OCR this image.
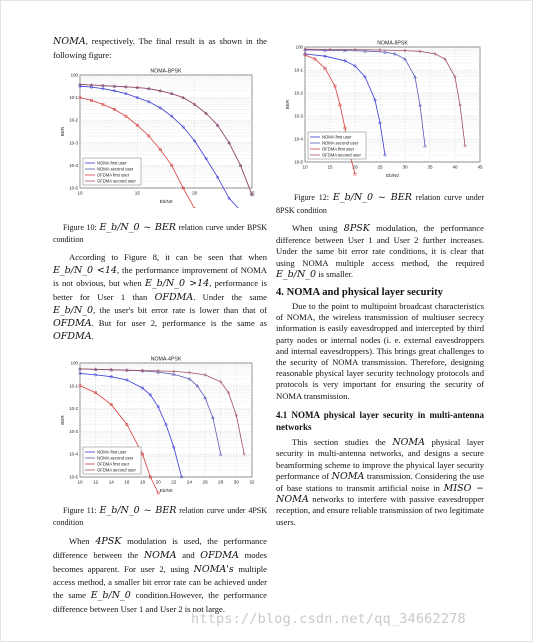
NOMA, respectively. The final result is as shown in the following figure:

10	15	20	25
100
10-1
10-2
10-3
10-4
10-5
NOMA-BPSK
Eb/N0
BER
NOMA first user
NOMA second user
OFDMA first user
OFDMA second user

Figure 10: E_b/N_0 ~ BER relation curve under BPSK condition

According to Figure 8, it can be seen that when E_b/N_0 <14, the performance improvement of NOMA is not obvious, but when E_b/N_0 >14, performance is better for User 1 than OFDMA. Under the same E_b/N_0, the user's bit error rate is lower than that of OFDMA. But for user 2, performance is the same as OFDMA.

10 12 14 16 18 20 22 24 26 28 30 32
100
10-1
10-2
10-3
10-4
10-5
NOMA-4PSK
Eb/N0
BER
NOMA first user
NOMA second user
OFDMA first user
OFDMA second user

Figure 11: E_b/N_0 ~ BER relation curve under 4PSK condition

When 4PSK modulation is used, the performance difference between the NOMA and OFDMA modes becomes apparent. For user 2, using NOMA's multiple access method, a smaller bit error rate can be achieved under the same E_b/N_0 condition.However, the performance difference between User 1 and User 2 is not large.

10	15	20	25	30	35	40	45
100
10-1
10-2
10-3
10-4
10-5
NOMA-8PSK
Eb/N0
BER
NOMA first user
NOMA second user
OFDMA first user
OFDMA second user

Figure 12: E_b/N_0 ~ BER relation curve under 8PSK condition

When using 8PSK modulation, the performance difference between User 1 and User 2 further increases. Under the same bit error rate conditions, it is clear that using NOMA multiple access method, the required E_b/N_0 is smaller.

4. NOMA and physical layer security

Due to the point to multipoint broadcast characteristics of NOMA, the wireless transmission of multiuser secrecy information is easily eavesdropped and intercepted by third party nodes or internal nodes (i. e. external eavesdroppers and internal eavesdroppers). This brings great challenges to the security of NOMA transmission. Therefore, designing reasonable physical layer security technology protocols and protocols is very important for ensuring the security of NOMA transmission.

4.1 NOMA physical layer security in multi-antenna networks

This section studies the NOMA physical layer security in multi-antenna networks, and designs a secure beamforming scheme to improve the physical layer security performance of NOMA transmission. Considering the use of base stations to transmit artificial noise in MISO − NOMA networks to interfere with passive eavesdropper reception, and ensure reliable transmission of two legitimate users.

https://blog.csdn.net/qq_34662278
